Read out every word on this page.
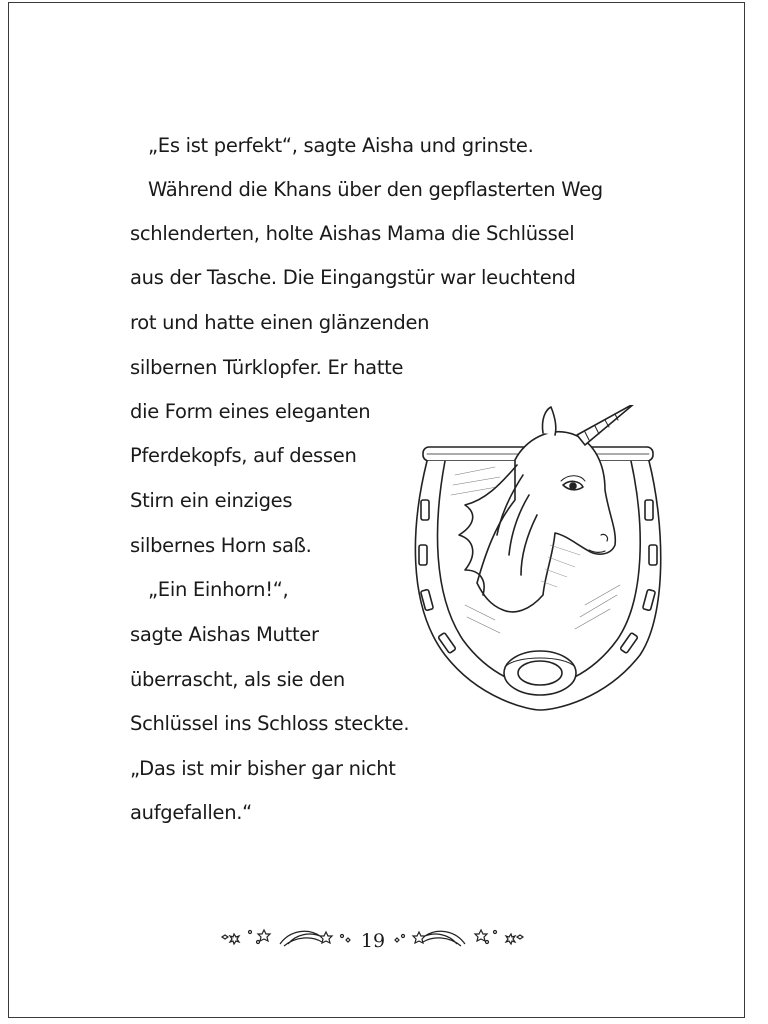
„Es ist perfekt“, sagte Aisha und grinste.
Während die Khans über den gepflasterten Weg
schlenderten, holte Aishas Mama die Schlüssel
aus der Tasche. Die Eingangstür war leuchtend
rot und hatte einen glänzenden
silbernen Türklopfer. Er hatte
die Form eines eleganten
Pferdekopfs, auf dessen
Stirn ein einziges
silbernes Horn saß.
„Ein Einhorn!“,
sagte Aishas Mutter
überrascht, als sie den
Schlüssel ins Schloss steckte.
„Das ist mir bisher gar nicht
aufgefallen.“
19
